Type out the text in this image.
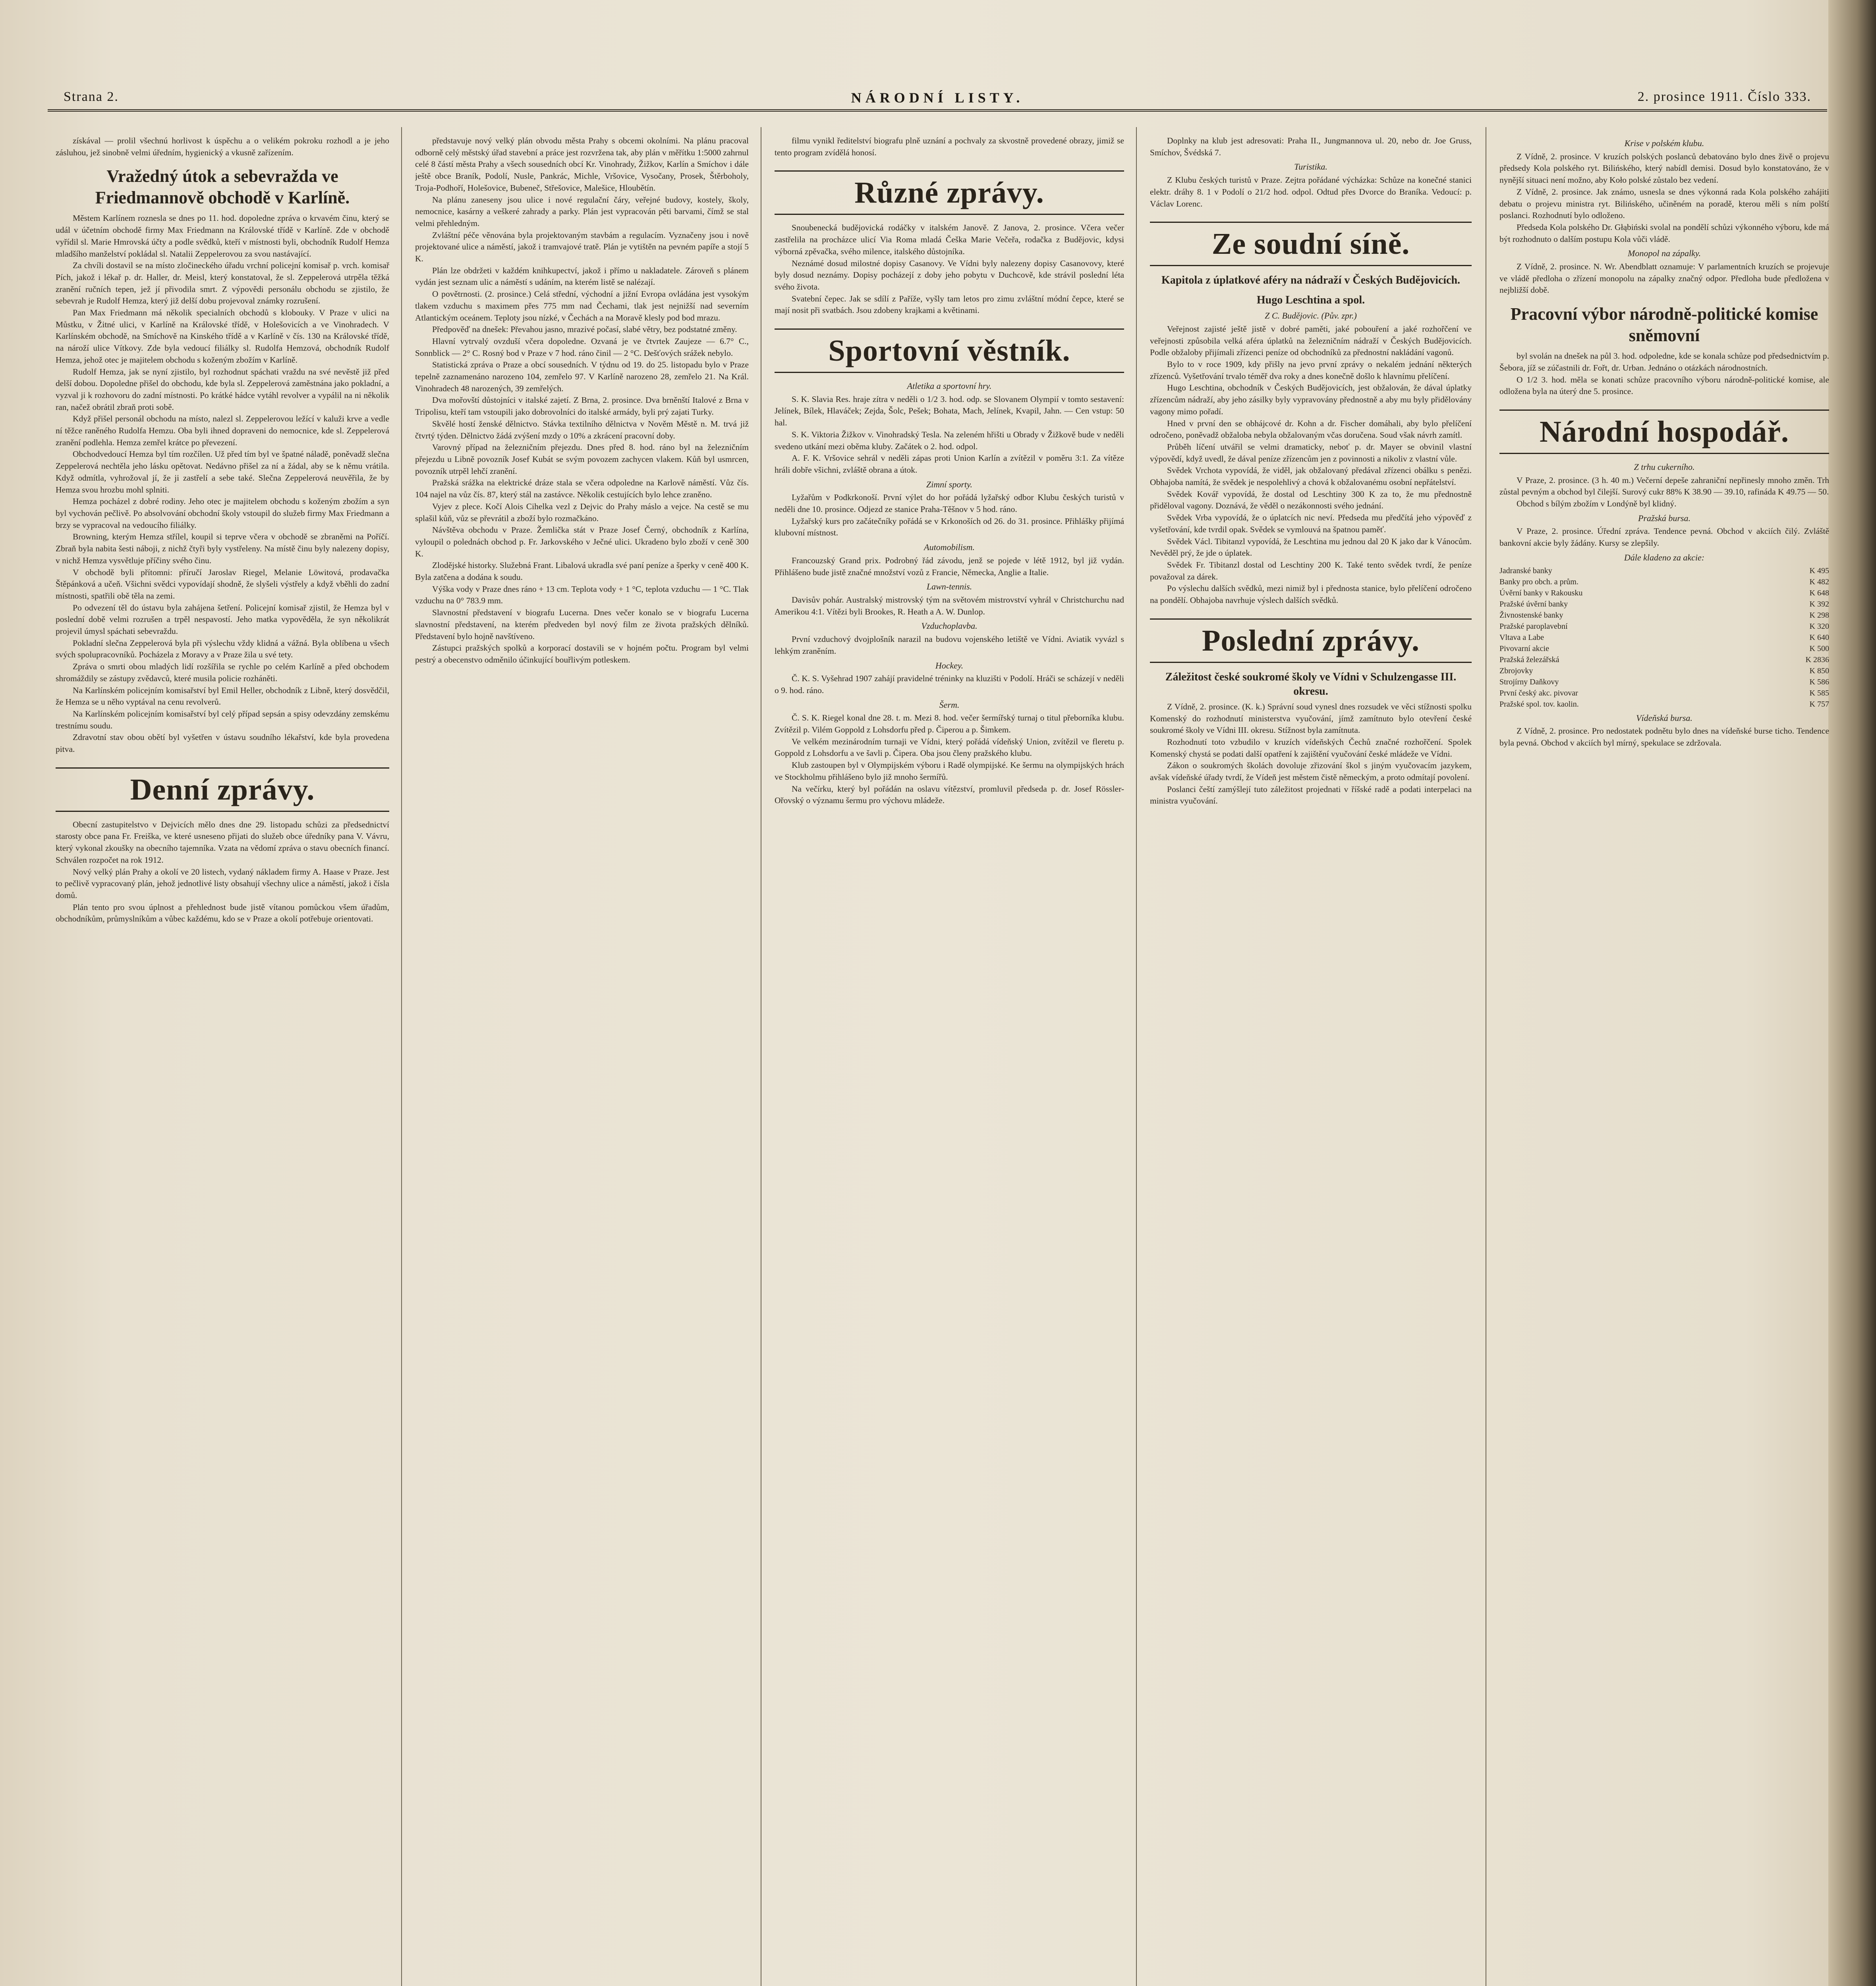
Strana 2.	NÁRODNÍ LISTY.	2. prosince 1911. Číslo 333.

získával — prolil všechnú horlivost k úspěchu a o velikém pokroku rozhodl a je jeho zásluhou, jež sinobně velmi úředním, hygienický a vkusně zařízením.

Vražedný útok a sebevražda ve Friedmannově obchodě v Karlíně.

Městem Karlínem roznesla se dnes po 11. hod. dopoledne zpráva o krvavém činu, který se udál v účetním obchodě firmy Max Friedmann na Královské třídě v Karlíně. Zde v obchodě vyřídil sl. Marie Hmrovská účty a podle svědků, kteří v místnosti byli, obchodník Rudolf Hemza mladšího manželství pokládal sl. Natalii Zeppelerovou za svou nastávající.

Za chvíli dostavil se na místo zločineckého úřadu vrchní policejní komisař p. vrch. komisař Pích, jakož i lékař p. dr. Haller, dr. Meisl, který konstatoval, že sl. Zeppelerová utrpěla těžká zranění ručních tepen, jež jí přivodila smrt. Z výpovědi personálu obchodu se zjistilo, že sebevrah je Rudolf Hemza, který již delší dobu projevoval známky rozrušení.

Pan Max Friedmann má několik specialních obchodů s klobouky. V Praze v ulici na Můstku, v Žitné ulici, v Karlíně na Královské třídě, v Holešovicích a ve Vinohradech. V Karlínském obchodě, na Smíchově na Kinského třídě a v Karlíně v čís. 130 na Královské třídě, na nároží ulice Vítkovy. Zde byla vedoucí filiálky sl. Rudolfa Hemzová, obchodník Rudolf Hemza, jehož otec je majitelem obchodu s koženým zbožím v Karlíně.

Rudolf Hemza, jak se nyní zjistilo, byl rozhodnut spáchati vraždu na své nevěstě již před delší dobou. Dopoledne přišel do obchodu, kde byla sl. Zeppelerová zaměstnána jako pokladní, a vyzval ji k rozhovoru do zadní místnosti. Po krátké hádce vytáhl revolver a vypálil na ni několik ran, načež obrátil zbraň proti sobě.

Když přišel personál obchodu na místo, nalezl sl. Zeppelerovou ležící v kaluži krve a vedle ní těžce raněného Rudolfa Hemzu. Oba byli ihned dopraveni do nemocnice, kde sl. Zeppelerová zranění podlehla. Hemza zemřel krátce po převezení.

Obchodvedoucí Hemza byl tím rozčílen. Už před tím byl ve špatné náladě, poněvadž slečna Zeppelerová nechtěla jeho lásku opětovat. Nedávno přišel za ní a žádal, aby se k němu vrátila. Když odmítla, vyhrožoval jí, že ji zastřelí a sebe také. Slečna Zeppelerová neuvěřila, že by Hemza svou hrozbu mohl splniti.

Hemza pocházel z dobré rodiny. Jeho otec je majitelem obchodu s koženým zbožím a syn byl vychován pečlivě. Po absolvování obchodní školy vstoupil do služeb firmy Max Friedmann a brzy se vypracoval na vedoucího filiálky.

Browning, kterým Hemza střílel, koupil si teprve včera v obchodě se zbraněmi na Poříčí. Zbraň byla nabita šesti náboji, z nichž čtyři byly vystřeleny. Na místě činu byly nalezeny dopisy, v nichž Hemza vysvětluje příčiny svého činu.

V obchodě byli přítomni: příručí Jaroslav Riegel, Melanie Löwitová, prodavačka Štěpánková a učeň. Všichni svědci vypovídají shodně, že slyšeli výstřely a když vběhli do zadní místnosti, spatřili obě těla na zemi.

Po odvezení těl do ústavu byla zahájena šetření. Policejní komisař zjistil, že Hemza byl v poslední době velmi rozrušen a trpěl nespavostí. Jeho matka vypověděla, že syn několikrát projevil úmysl spáchati sebevraždu.

Pokladní slečna Zeppelerová byla při výslechu vždy klidná a vážná. Byla oblíbena u všech svých spolupracovníků. Pocházela z Moravy a v Praze žila u své tety.

Zpráva o smrti obou mladých lidí rozšířila se rychle po celém Karlíně a před obchodem shromáždily se zástupy zvědavců, které musila policie rozháněti.

Na Karlínském policejním komisařství byl Emil Heller, obchodník z Libně, který dosvědčil, že Hemza se u něho vyptával na cenu revolverů.

Na Karlínském policejním komisařství byl celý případ sepsán a spisy odevzdány zemskému trestnímu soudu.

Zdravotní stav obou obětí byl vyšetřen v ústavu soudního lékařství, kde byla provedena pitva.

Denní zprávy.

Obecní zastupitelstvo v Dejvicích mělo dnes dne 29. listopadu schůzi za předsednictví starosty obce pana Fr. Freiška, ve které usneseno přijati do služeb obce úředníky pana V. Vávru, který vykonal zkoušky na obecního tajemníka. Vzata na vědomí zpráva o stavu obecních financí. Schválen rozpočet na rok 1912.

Nový velký plán Prahy a okolí ve 20 listech, vydaný nákladem firmy A. Haase v Praze. Jest to pečlivě vypracovaný plán, jehož jednotlivé listy obsahují všechny ulice a náměstí, jakož i čísla domů.

Plán tento pro svou úplnost a přehlednost bude jistě vítanou pomůckou všem úřadům, obchodníkům, průmyslníkům a vůbec každému, kdo se v Praze a okolí potřebuje orientovati.

představuje nový velký plán obvodu města Prahy s obcemi okolními. Na plánu pracoval odborně celý městský úřad stavební a práce jest rozvržena tak, aby plán v měřítku 1:5000 zahrnul celé 8 částí města Prahy a všech sousedních obcí Kr. Vinohrady, Žižkov, Karlín a Smíchov i dále ještě obce Braník, Podolí, Nusle, Pankrác, Michle, Vršovice, Vysočany, Prosek, Štěrboholy, Troja-Podhoří, Holešovice, Bubeneč, Střešovice, Malešice, Hloubětín.

Na plánu zaneseny jsou ulice i nové regulační čáry, veřejné budovy, kostely, školy, nemocnice, kasárny a veškeré zahrady a parky. Plán jest vypracován pěti barvami, čímž se stal velmi přehledným.

Zvláštní péče věnována byla projektovaným stavbám a regulacím. Vyznačeny jsou i nově projektované ulice a náměstí, jakož i tramvajové tratě. Plán je vytištěn na pevném papíře a stojí 5 K.

Plán lze obdržeti v každém knihkupectví, jakož i přímo u nakladatele. Zároveň s plánem vydán jest seznam ulic a náměstí s udáním, na kterém listě se nalézají.

O povětrnosti. (2. prosince.) Celá střední, východní a jižní Evropa ovládána jest vysokým tlakem vzduchu s maximem přes 775 mm nad Čechami, tlak jest nejnižší nad severním Atlantickým oceánem. Teploty jsou nízké, v Čechách a na Moravě klesly pod bod mrazu.

Předpověď na dnešek: Převahou jasno, mrazivé počasí, slabé větry, bez podstatné změny.

Hlavní vytrvalý ovzduší včera dopoledne. Ozvaná je ve čtvrtek Zaujeze — 6.7° C., Sonnblick — 2° C. Rosný bod v Praze v 7 hod. ráno činil — 2 °C. Dešťových srážek nebylo.

Statistická zpráva o Praze a obcí sousedních. V týdnu od 19. do 25. listopadu bylo v Praze tepelně zaznamenáno narozeno 104, zemřelo 97. V Karlíně narozeno 28, zemřelo 21. Na Král. Vinohradech 48 narozených, 39 zemřelých.

Dva mořovští důstojníci v italské zajetí. Z Brna, 2. prosince. Dva brněnští Italové z Brna v Tripolisu, kteří tam vstoupili jako dobrovolníci do italské armády, byli prý zajati Turky.

Skvělé hostí ženské dělnictvo. Stávka textilního dělnictva v Nověm Městě n. M. trvá již čtvrtý týden. Dělnictvo žádá zvýšení mzdy o 10% a zkrácení pracovní doby.

Varovný případ na železničním přejezdu. Dnes před 8. hod. ráno byl na železničním přejezdu u Libně povozník Josef Kubát se svým povozem zachycen vlakem. Kůň byl usmrcen, povozník utrpěl lehčí zranění.

Pražská srážka na elektrické dráze stala se včera odpoledne na Karlově náměstí. Vůz čís. 104 najel na vůz čís. 87, který stál na zastávce. Několik cestujících bylo lehce zraněno.

Vyjev z plece. Kočí Alois Cihelka vezl z Dejvic do Prahy máslo a vejce. Na cestě se mu splašil kůň, vůz se převrátil a zboží bylo rozmačkáno.

Návštěva obchodu v Praze. Žemlička stát v Praze Josef Černý, obchodník z Karlína, vyloupil o polednách obchod p. Fr. Jarkovského v Ječné ulici. Ukradeno bylo zboží v ceně 300 K.

Zlodějské historky. Služebná Frant. Libalová ukradla své paní peníze a šperky v ceně 400 K. Byla zatčena a dodána k soudu.

Výška vody v Praze dnes ráno + 13 cm. Teplota vody + 1 °C, teplota vzduchu — 1 °C. Tlak vzduchu na 0° 783.9 mm.

Slavnostní představení v biografu Lucerna. Dnes večer konalo se v biografu Lucerna slavnostní představení, na kterém předveden byl nový film ze života pražských dělníků. Představení bylo hojně navštíveno.

Zástupci pražských spolků a korporací dostavili se v hojném počtu. Program byl velmi pestrý a obecenstvo odměnilo účinkující bouřlivým potleskem.

filmu vynikl ředitelství biografu plně uznání a pochvaly za skvostně provedené obrazy, jimiž se tento program zvídělá honosí.

Různé zprávy.

Snoubenecká budějovická rodáčky v italském Janově. Z Janova, 2. prosince. Včera večer zastřelila na procházce ulicí Via Roma mladá Češka Marie Večeřa, rodačka z Budějovic, kdysi výborná zpěvačka, svého milence, italského důstojníka.

Neznámé dosud milostné dopisy Casanovy. Ve Vídni byly nalezeny dopisy Casanovovy, které byly dosud neznámy. Dopisy pocházejí z doby jeho pobytu v Duchcově, kde strávil poslední léta svého života.

Svatební čepec. Jak se sdílí z Paříže, vyšly tam letos pro zimu zvláštní módní čepce, které se mají nosit při svatbách. Jsou zdobeny krajkami a květinami.

Sportovní věstník.

Atletika a sportovní hry.

S. K. Slavia Res. hraje zítra v neděli o 1/2 3. hod. odp. se Slovanem Olympií v tomto sestavení: Jelínek, Bílek, Hlaváček; Zejda, Šolc, Pešek; Bohata, Mach, Jelínek, Kvapil, Jahn. — Cen vstup: 50 hal.

S. K. Viktoria Žižkov v. Vinohradský Tesla. Na zeleném hřišti u Obrady v Žižkově bude v neděli svedeno utkání mezi oběma kluby. Začátek o 2. hod. odpol.

A. F. K. Vršovice sehrál v neděli zápas proti Union Karlín a zvítězil v poměru 3:1. Za vítěze hráli dobře všichni, zvláště obrana a útok.

Zimní sporty.

Lyžařům v Podkrkonoší. První výlet do hor pořádá lyžařský odbor Klubu českých turistů v neděli dne 10. prosince. Odjezd ze stanice Praha-Těšnov v 5 hod. ráno.

Lyžařský kurs pro začátečníky pořádá se v Krkonoších od 26. do 31. prosince. Přihlášky přijímá klubovní místnost.

Automobilism.

Francouzský Grand prix. Podrobný řád závodu, jenž se pojede v létě 1912, byl již vydán. Přihlášeno bude jistě značné množství vozů z Francie, Německa, Anglie a Italie.

Lawn-tennis.

Davisův pohár. Australský mistrovský tým na světovém mistrovství vyhrál v Christchurchu nad Amerikou 4:1. Vítězi byli Brookes, R. Heath a A. W. Dunlop.

Vzduchoplavba.

První vzduchový dvojplošník narazil na budovu vojenského letiště ve Vídni. Aviatik vyvázl s lehkým zraněním.

Hockey.

Č. K. S. Vyšehrad 1907 zahájí pravidelné tréninky na kluzišti v Podolí. Hráči se scházejí v neděli o 9. hod. ráno.

Šerm.

Č. S. K. Riegel konal dne 28. t. m. Mezi 8. hod. večer šermířský turnaj o titul přeborníka klubu. Zvítězil p. Vilém Goppold z Lohsdorfu před p. Čiperou a p. Šimkem.

Ve velkém mezinárodním turnaji ve Vídni, který pořádá vídeňský Union, zvítězil ve fleretu p. Goppold z Lohsdorfu a ve šavli p. Čipera. Oba jsou členy pražského klubu.

Klub zastoupen byl v Olympijském výboru i Radě olympijské. Ke šermu na olympijských hrách ve Stockholmu přihlášeno bylo již mnoho šermířů.

Na večírku, který byl pořádán na oslavu vítězství, promluvil předseda p. dr. Josef Rössler-Ořovský o významu šermu pro výchovu mládeže.

Doplnky na klub jest adresovati: Praha II., Jungmannova ul. 20, nebo dr. Joe Gruss, Smíchov, Švédská 7.

Turistika.

Z Klubu českých turistů v Praze. Zejtra pořádané výcházka: Schůze na konečné stanici elektr. dráhy 8. 1 v Podolí o 21/2 hod. odpol. Odtud přes Dvorce do Braníka. Vedoucí: p. Václav Lorenc.

Ze soudní síně.
Kapitola z úplatkové aféry na nádraží v Českých Budějovicích.
Hugo Leschtina a spol.

Z C. Budějovic. (Pův. zpr.)

Veřejnost zajisté ještě jistě v dobré paměti, jaké pobouření a jaké rozhořčení ve veřejnosti způsobila velká aféra úplatků na železničním nádraží v Českých Budějovicích. Podle obžaloby přijímali zřízenci peníze od obchodníků za přednostní nakládání vagonů.

Bylo to v roce 1909, kdy přišly na jevo první zprávy o nekalém jednání některých zřízenců. Vyšetřování trvalo téměř dva roky a dnes konečně došlo k hlavnímu přelíčení.

Hugo Leschtina, obchodník v Českých Budějovicích, jest obžalován, že dával úplatky zřízencům nádraží, aby jeho zásilky byly vypravovány přednostně a aby mu byly přidělovány vagony mimo pořadí.

Hned v první den se obhájcové dr. Kohn a dr. Fischer domáhali, aby bylo přelíčení odročeno, poněvadž obžaloba nebyla obžalovaným včas doručena. Soud však návrh zamítl.

Průběh líčení utvářil se velmi dramaticky, neboť p. dr. Mayer se obvinil vlastní výpovědí, když uvedl, že dával peníze zřízencům jen z povinnosti a nikoliv z vlastní vůle.

Svědek Vrchota vypovídá, že viděl, jak obžalovaný předával zřízenci obálku s penězi. Obhajoba namítá, že svědek je nespolehlivý a chová k obžalovanému osobní nepřátelství.

Svědek Kovář vypovídá, že dostal od Leschtiny 300 K za to, že mu přednostně přiděloval vagony. Doznává, že věděl o nezákonnosti svého jednání.

Svědek Vrba vypovídá, že o úplatcích nic neví. Předseda mu předčítá jeho výpověď z vyšetřování, kde tvrdil opak. Svědek se vymlouvá na špatnou paměť.

Svědek Václ. Tibitanzl vypovídá, že Leschtina mu jednou dal 20 K jako dar k Vánocům. Nevěděl prý, že jde o úplatek.

Svědek Fr. Tibitanzl dostal od Leschtiny 200 K. Také tento svědek tvrdí, že peníze považoval za dárek.

Po výslechu dalších svědků, mezi nimiž byl i přednosta stanice, bylo přelíčení odročeno na pondělí. Obhajoba navrhuje výslech dalších svědků.

Poslední zprávy.
Záležitost české soukromé školy ve Vídni v Schulzengasse III. okresu.

Z Vídně, 2. prosince. (K. k.) Správní soud vynesl dnes rozsudek ve věci stížnosti spolku Komenský do rozhodnutí ministerstva vyučování, jímž zamítnuto bylo otevření české soukromé školy ve Vídni III. okresu. Stížnost byla zamítnuta.

Rozhodnutí toto vzbudilo v kruzích vídeňských Čechů značné rozhořčení. Spolek Komenský chystá se podati další opatření k zajištění vyučování české mládeže ve Vídni.

Zákon o soukromých školách dovoluje zřizování škol s jiným vyučovacím jazykem, avšak vídeňské úřady tvrdí, že Vídeň jest městem čistě německým, a proto odmítají povolení.

Poslanci čeští zamýšlejí tuto záležitost projednati v říšské radě a podati interpelaci na ministra vyučování.

Krise v polském klubu.

Z Vídně, 2. prosince. V kruzích polských poslanců debatováno bylo dnes živě o projevu předsedy Kola polského ryt. Bilińského, který nabídl demisi. Dosud bylo konstatováno, že v nynější situaci není možno, aby Koło polské zůstalo bez vedení.

Z Vídně, 2. prosince. Jak známo, usnesla se dnes výkonná rada Kola polského zahájiti debatu o projevu ministra ryt. Bilińského, učiněném na poradě, kterou měli s ním polští poslanci. Rozhodnutí bylo odloženo.

Předseda Kola polského Dr. Głąbiński svolal na pondělí schůzi výkonného výboru, kde má být rozhodnuto o dalším postupu Kola vůči vládě.

Monopol na zápalky.

Z Vídně, 2. prosince. N. Wr. Abendblatt oznamuje: V parlamentních kruzích se projevuje ve vládě předloha o zřízení monopolu na zápalky značný odpor. Předloha bude předložena v nejbližší době.

Pracovní výbor národně-politické komise sněmovní

byl svolán na dnešek na půl 3. hod. odpoledne, kde se konala schůze pod předsednictvím p. Šebora, jíž se zúčastnili dr. Fořt, dr. Urban. Jednáno o otázkách národnostních.

O 1/2 3. hod. měla se konati schůze pracovního výboru národně-politické komise, ale odložena byla na úterý dne 5. prosince.

Národní hospodář.

Z trhu cukerního.

V Praze, 2. prosince. (3 h. 40 m.) Večerní depeše zahraniční nepřinesly mnoho změn. Trh zůstal pevným a obchod byl čilejší. Surový cukr 88% K 38.90 — 39.10, rafináda K 49.75 — 50.

Obchod s bílým zbožím v Londýně byl klidný.

Pražská bursa.

V Praze, 2. prosince. Úřední zpráva. Tendence pevná. Obchod v akciích čilý. Zvláště bankovní akcie byly žádány. Kursy se zlepšily.

Dále kladeno za akcie:

Jadranské banky	K 495
Banky pro obch. a prům.	K 482
Úvěrní banky v Rakousku	K 648
Pražské úvěrní banky	K 392
Živnostenské banky	K 298
Pražské paroplavební	K 320
Vltava a Labe	K 640
Pivovarní akcie	K 500
Pražská železářská	K 2836
Zbrojovky	K 850
Strojírny Daňkovy	K 586
První český akc. pivovar	K 585
Pražské spol. tov. kaolin.	K 757

Vídeňská bursa.

Z Vídně, 2. prosince. Pro nedostatek podnětu bylo dnes na vídeňské burse ticho. Tendence byla pevná. Obchod v akciích byl mírný, spekulace se zdržovala.
